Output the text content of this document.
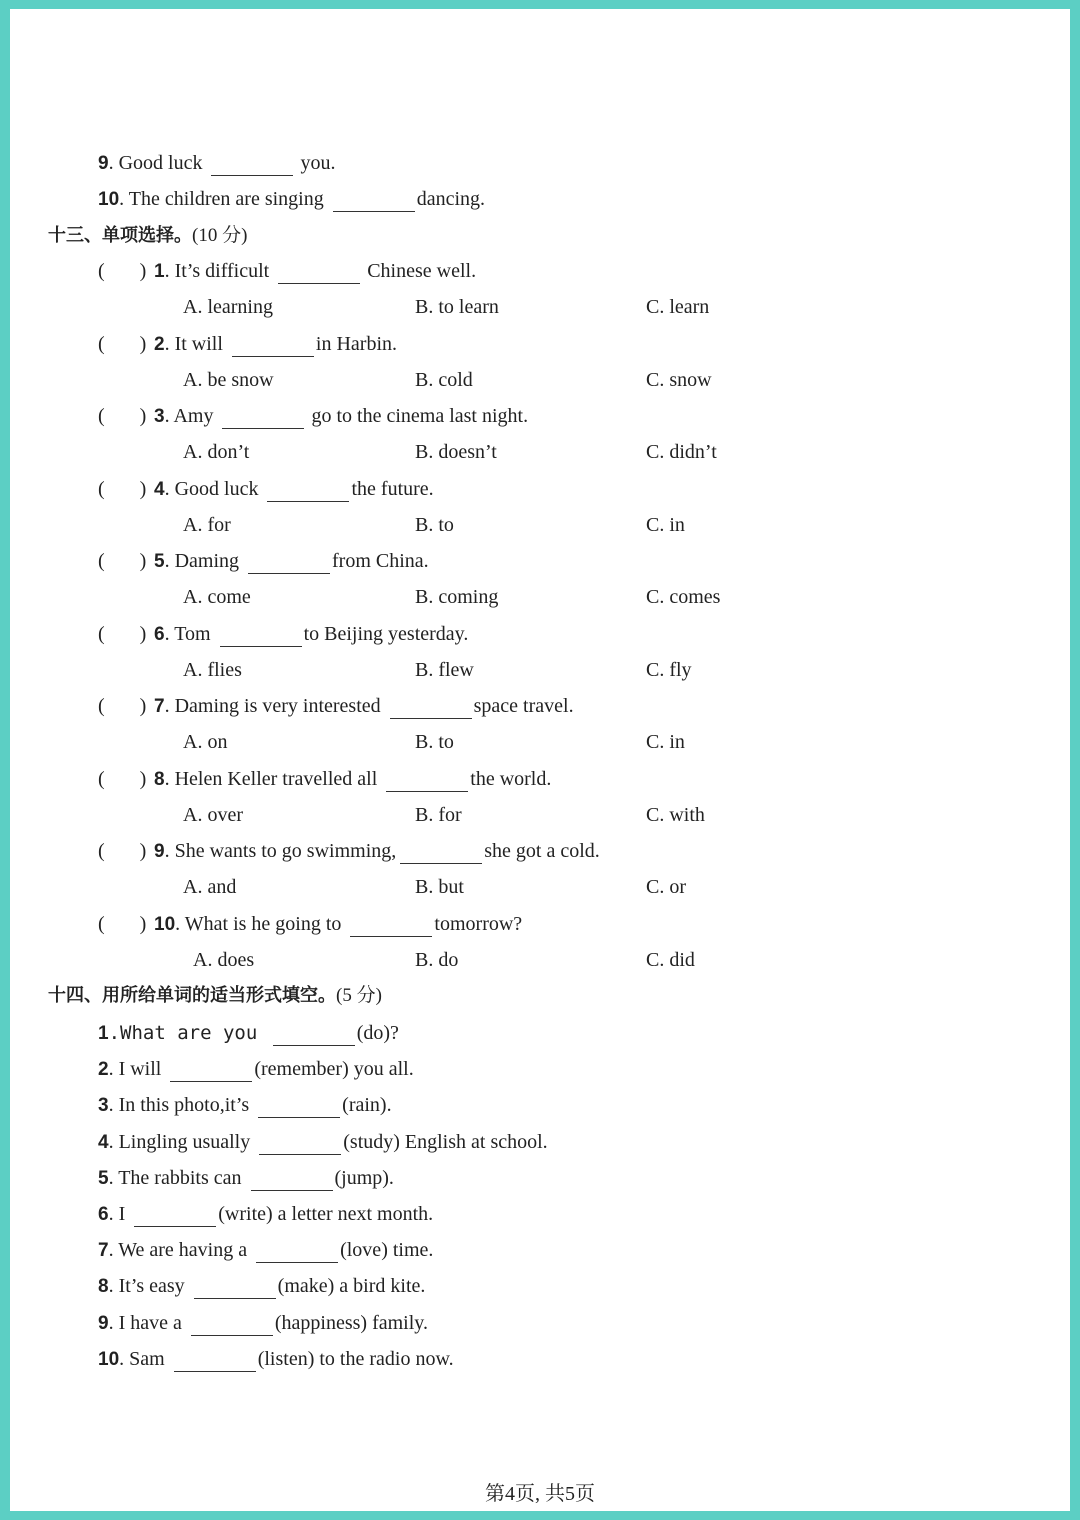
9. Good luck	you.
10. The children are singing	dancing.
十三、单项选择。(10 分)
(       ) 1. It’s difficult	Chinese well.
A. learning	B. to learn	C. learn
(       ) 2. It will	in Harbin.
A. be snow	B. cold	C. snow
(       ) 3. Amy	go to the cinema last night.
A. don’t	B. doesn’t	C. didn’t
(       ) 4. Good luck	the future.
A. for	B. to	C. in
(       ) 5. Daming	from China.
A. come	B. coming	C. comes
(       ) 6. Tom	to Beijing yesterday.
A. flies	B. flew	C. fly
(       ) 7. Daming is very interested	space travel.
A. on	B. to	C. in
(       ) 8. Helen Keller travelled all	the world.
A. over	B. for	C. with
(       ) 9. She wants to go swimming,	she got a cold.
A. and	B. but	C. or
(       ) 10. What is he going to	tomorrow?
A. does	B. do	C. did
十四、用所给单词的适当形式填空。(5 分)
1.What are you	(do)?
2. I will	(remember) you all.
3. In this photo,it’s	(rain).
4. Lingling usually	(study) English at school.
5. The rabbits can	(jump).
6. I	(write) a letter next month.
7. We are having a	(love) time.
8. It’s easy	(make) a bird kite.
9. I have a	(happiness) family.
10. Sam	(listen) to the radio now.
第4页, 共5页
